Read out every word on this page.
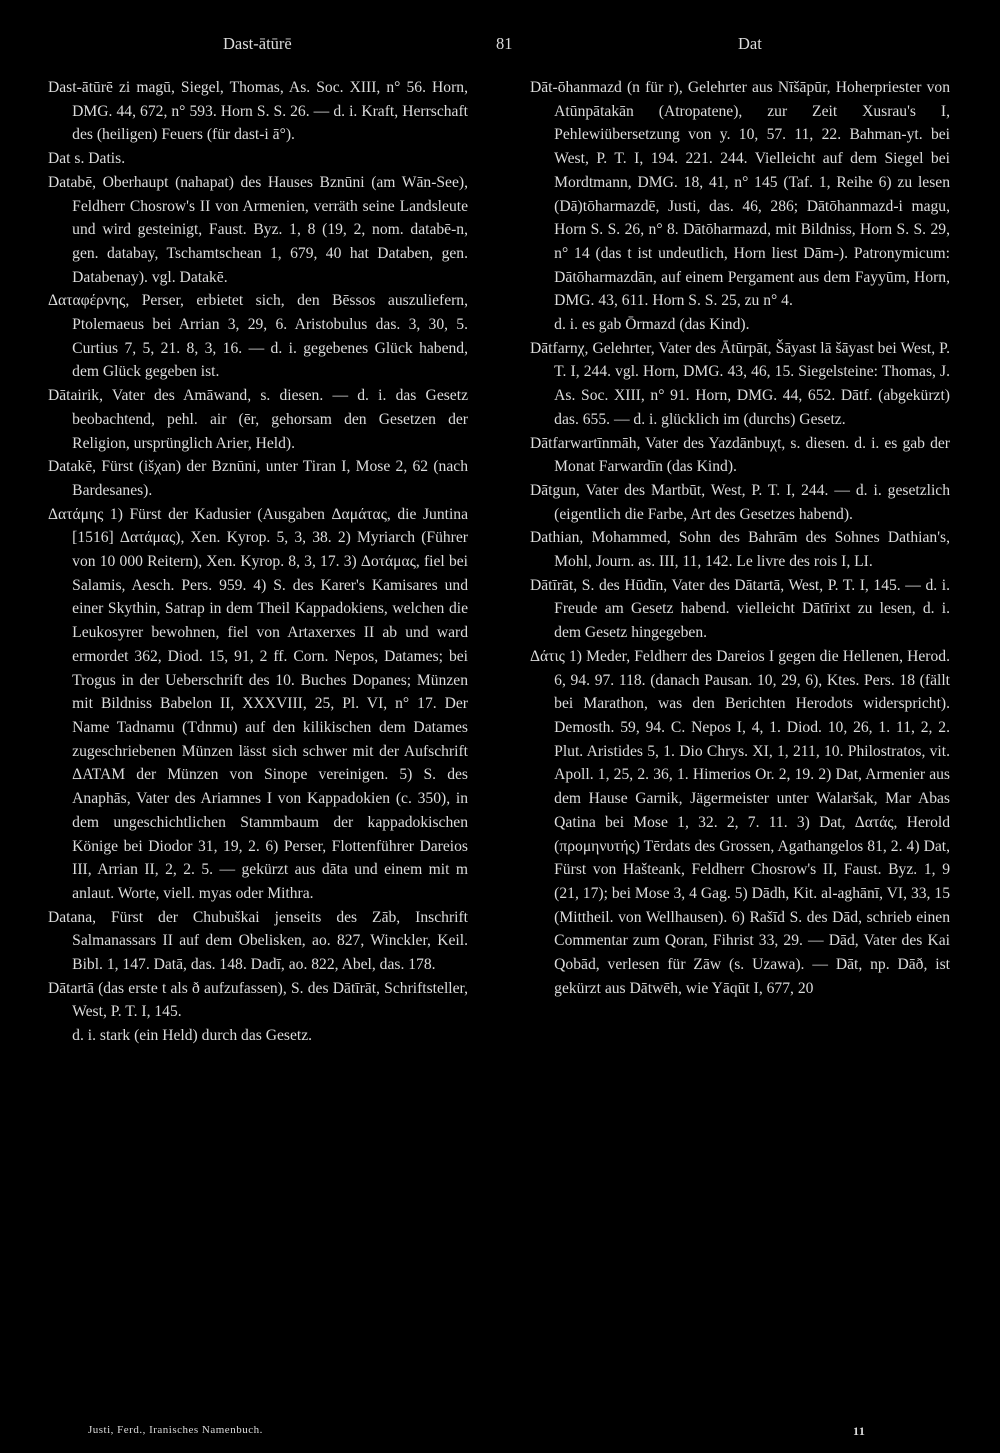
Dast-ātūrē	81	Dat

Dast-ātūrē zi magū, Siegel, Thomas, As. Soc. XIII, n° 56. Horn, DMG. 44, 672, n° 593. Horn S. S. 26. — d. i. Kraft, Herrschaft des (heiligen) Feuers (für dast-i ā°).

Dat s. Datis.

Databē, Oberhaupt (nahapat) des Hauses Bznūni (am Wān-See), Feldherr Chosrow's II von Armenien, verräth seine Landsleute und wird gesteinigt, Faust. Byz. 1, 8 (19, 2, nom. databē-n, gen. databay, Tschamtschean 1, 679, 40 hat Databen, gen. Databenay). vgl. Datakē.

Δαταφέρνης, Perser, erbietet sich, den Bēssos auszuliefern, Ptolemaeus bei Arrian 3, 29, 6. Aristobulus das. 3, 30, 5. Curtius 7, 5, 21. 8, 3, 16. — d. i. gegebenes Glück habend, dem Glück gegeben ist.

Dātairik, Vater des Amāwand, s. diesen. — d. i. das Gesetz beobachtend, pehl. air (ēr, gehorsam den Gesetzen der Religion, ursprünglich Arier, Held).

Datakē, Fürst (išχan) der Bznūni, unter Tiran I, Mose 2, 62 (nach Bardesanes).

Δατάμης 1) Fürst der Kadusier (Ausgaben Δαμάτας, die Juntina [1516] Δατάμας), Xen. Kyrop. 5, 3, 38. 2) Myriarch (Führer von 10 000 Reitern), Xen. Kyrop. 8, 3, 17. 3) Δοτάμας, fiel bei Salamis, Aesch. Pers. 959. 4) S. des Karer's Kamisares und einer Skythin, Satrap in dem Theil Kappadokiens, welchen die Leukosyrer bewohnen, fiel von Artaxerxes II ab und ward ermordet 362, Diod. 15, 91, 2 ff. Corn. Nepos, Datames; bei Trogus in der Ueberschrift des 10. Buches Dopanes; Münzen mit Bildniss Babelon II, XXXVIII, 25, Pl. VI, n° 17. Der Name Tadnamu (Tdnmu) auf den kilikischen dem Datames zugeschriebenen Münzen lässt sich schwer mit der Aufschrift ΔATAM der Münzen von Sinope vereinigen. 5) S. des Anaphās, Vater des Ariamnes I von Kappadokien (c. 350), in dem ungeschichtlichen Stammbaum der kappadokischen Könige bei Diodor 31, 19, 2. 6) Perser, Flottenführer Dareios III, Arrian II, 2, 2. 5. — gekürzt aus dāta und einem mit m anlaut. Worte, viell. myas oder Mithra.

Datana, Fürst der Chubuškai jenseits des Zāb, Inschrift Salmanassars II auf dem Obelisken, ao. 827, Winckler, Keil. Bibl. 1, 147. Datā, das. 148. Dadī, ao. 822, Abel, das. 178.

Dātartā (das erste t als ð aufzufassen), S. des Dātīrāt, Schriftsteller, West, P. T. I, 145.

d. i. stark (ein Held) durch das Gesetz.

Dāt-ōhanmazd (n für r), Gelehrter aus Nīšāpūr, Hoherpriester von Atūnpātakān (Atropatene), zur Zeit Xusrau's I, Pehlewiübersetzung von y. 10, 57. 11, 22. Bahman-yt. bei West, P. T. I, 194. 221. 244. Vielleicht auf dem Siegel bei Mordtmann, DMG. 18, 41, n° 145 (Taf. 1, Reihe 6) zu lesen (Dā)tōharmazdē, Justi, das. 46, 286; Dātōhanmazd-i magu, Horn S. S. 26, n° 8. Dātōharmazd, mit Bildniss, Horn S. S. 29, n° 14 (das t ist undeutlich, Horn liest Dām-). Patronymicum: Dātōharmazdān, auf einem Pergament aus dem Fayyūm, Horn, DMG. 43, 611. Horn S. S. 25, zu n° 4.

d. i. es gab Ōrmazd (das Kind).

Dātfarnχ, Gelehrter, Vater des Ātūrpāt, Šāyast lā šāyast bei West, P. T. I, 244. vgl. Horn, DMG. 43, 46, 15. Siegelsteine: Thomas, J. As. Soc. XIII, n° 91. Horn, DMG. 44, 652. Dātf. (abgekürzt) das. 655. — d. i. glücklich im (durchs) Gesetz.

Dātfarwartīnmāh, Vater des Yazdānbuχt, s. diesen. d. i. es gab der Monat Farwardīn (das Kind).

Dātgun, Vater des Martbūt, West, P. T. I, 244. — d. i. gesetzlich (eigentlich die Farbe, Art des Gesetzes habend).

Dathian, Mohammed, Sohn des Bahrām des Sohnes Dathian's, Mohl, Journ. as. III, 11, 142. Le livre des rois I, LI.

Dātīrāt, S. des Hūdīn, Vater des Dātartā, West, P. T. I, 145. — d. i. Freude am Gesetz habend. vielleicht Dātīrixt zu lesen, d. i. dem Gesetz hingegeben.

Δάτις 1) Meder, Feldherr des Dareios I gegen die Hellenen, Herod. 6, 94. 97. 118. (danach Pausan. 10, 29, 6), Ktes. Pers. 18 (fällt bei Marathon, was den Berichten Herodots widerspricht). Demosth. 59, 94. C. Nepos I, 4, 1. Diod. 10, 26, 1. 11, 2, 2. Plut. Aristides 5, 1. Dio Chrys. XI, 1, 211, 10. Philostratos, vit. Apoll. 1, 25, 2. 36, 1. Himerios Or. 2, 19. 2) Dat, Armenier aus dem Hause Garnik, Jägermeister unter Walaršak, Mar Abas Qatina bei Mose 1, 32. 2, 7. 11. 3) Dat, Δατάς, Herold (προμηνυτής) Tērdats des Grossen, Agathangelos 81, 2. 4) Dat, Fürst von Hašteank, Feldherr Chosrow's II, Faust. Byz. 1, 9 (21, 17); bei Mose 3, 4 Gag. 5) Dādh, Kit. al-aghānī, VI, 33, 15 (Mittheil. von Wellhausen). 6) Rašīd S. des Dād, schrieb einen Commentar zum Qoran, Fihrist 33, 29. — Dād, Vater des Kai Qobād, verlesen für Zāw (s. Uzawa). — Dāt, np. Dāð, ist gekürzt aus Dātwēh, wie Yāqūt I, 677, 20

Justi, Ferd., Iranisches Namenbuch.	11
